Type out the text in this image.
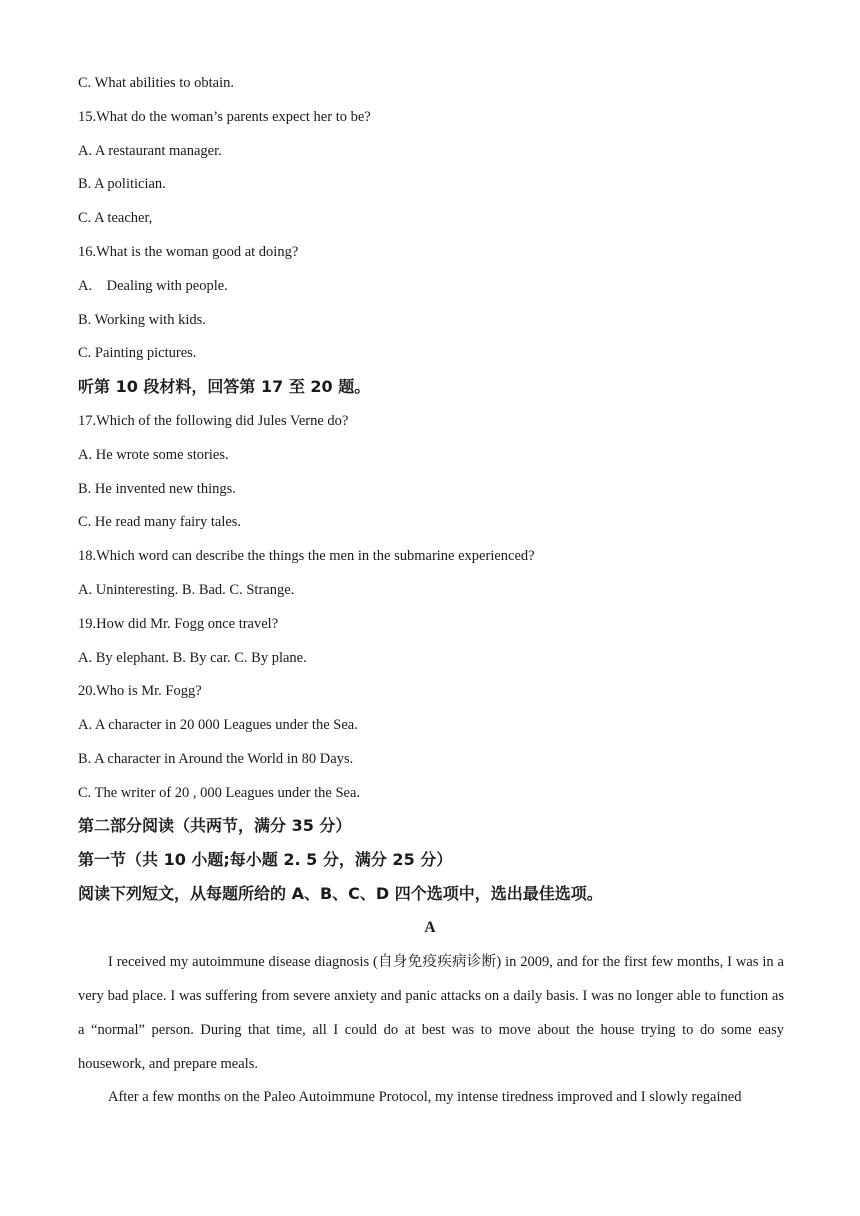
C. What abilities to obtain.
15.What do the woman’s parents expect her to be?
A. A restaurant manager.
B. A politician.
C. A teacher,
16.What is the woman good at doing?
A.    Dealing with people.
B. Working with kids.
C. Painting pictures.
听第 10 段材料，回答第 17 至 20 题。
17.Which of the following did Jules Verne do?
A. He wrote some stories.
B. He invented new things.
C. He read many fairy tales.
18.Which word can describe the things the men in the submarine experienced?
A. Uninteresting. B. Bad. C. Strange.
19.How did Mr. Fogg once travel?
A. By elephant. B. By car. C. By plane.
20.Who is Mr. Fogg?
A. A character in 20 000 Leagues under the Sea.
B. A character in Around the World in 80 Days.
C. The writer of 20 , 000 Leagues under the Sea.
第二部分阅读（共两节，满分 35 分）
第一节（共 10 小题;每小题 2. 5 分，满分 25 分）
阅读下列短文，从每题所给的 A、B、C、D 四个选项中，选出最佳选项。
A

I received my autoimmune disease diagnosis (自身免疫疾病诊断) in 2009, and for the first few months, I was in a very bad place. I was suffering from severe anxiety and panic attacks on a daily basis. I was no longer able to function as a “normal” person. During that time, all I could do at best was to move about the house trying to do some easy housework, and prepare meals.

After a few months on the Paleo Autoimmune Protocol, my intense tiredness improved and I slowly regained
